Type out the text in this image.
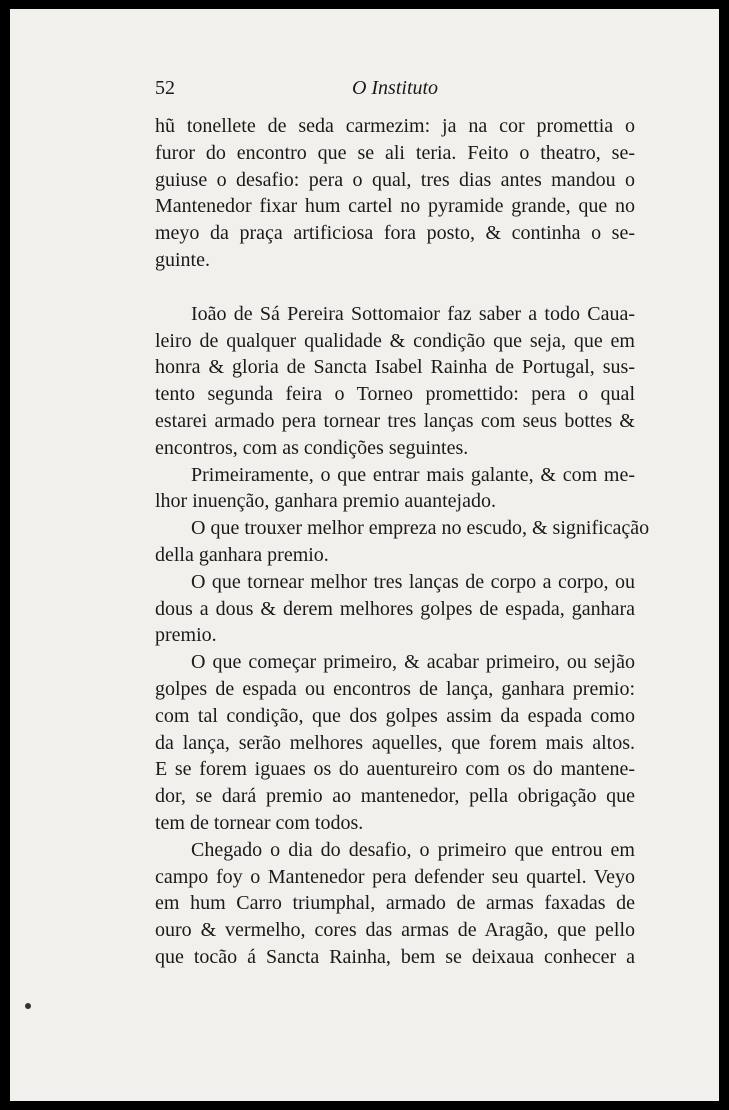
52	O Instituto
hũ tonellete de seda carmezim: ja na cor promettia o
furor do encontro que se ali teria. Feito o theatro, se-
guiuse o desafio: pera o qual, tres dias antes mandou o
Mantenedor fixar hum cartel no pyramide grande, que no
meyo da praça artificiosa fora posto, & continha o se-
guinte.
Ioão de Sá Pereira Sottomaior faz saber a todo Caua-
leiro de qualquer qualidade & condição que seja, que em
honra & gloria de Sancta Isabel Rainha de Portugal, sus-
tento segunda feira o Torneo promettido: pera o qual
estarei armado pera tornear tres lanças com seus bottes &
encontros, com as condições seguintes.
Primeiramente, o que entrar mais galante, & com me-
lhor inuenção, ganhara premio auantejado.
O que trouxer melhor empreza no escudo, & significação
della ganhara premio.
O que tornear melhor tres lanças de corpo a corpo, ou
dous a dous & derem melhores golpes de espada, ganhara
premio.
O que começar primeiro, & acabar primeiro, ou sejão
golpes de espada ou encontros de lança, ganhara premio:
com tal condição, que dos golpes assim da espada como
da lança, serão melhores aquelles, que forem mais altos.
E se forem iguaes os do auentureiro com os do mantene-
dor, se dará premio ao mantenedor, pella obrigação que
tem de tornear com todos.
Chegado o dia do desafio, o primeiro que entrou em
campo foy o Mantenedor pera defender seu quartel. Veyo
em hum Carro triumphal, armado de armas faxadas de
ouro & vermelho, cores das armas de Aragão, que pello
que tocão á Sancta Rainha, bem se deixaua conhecer a
